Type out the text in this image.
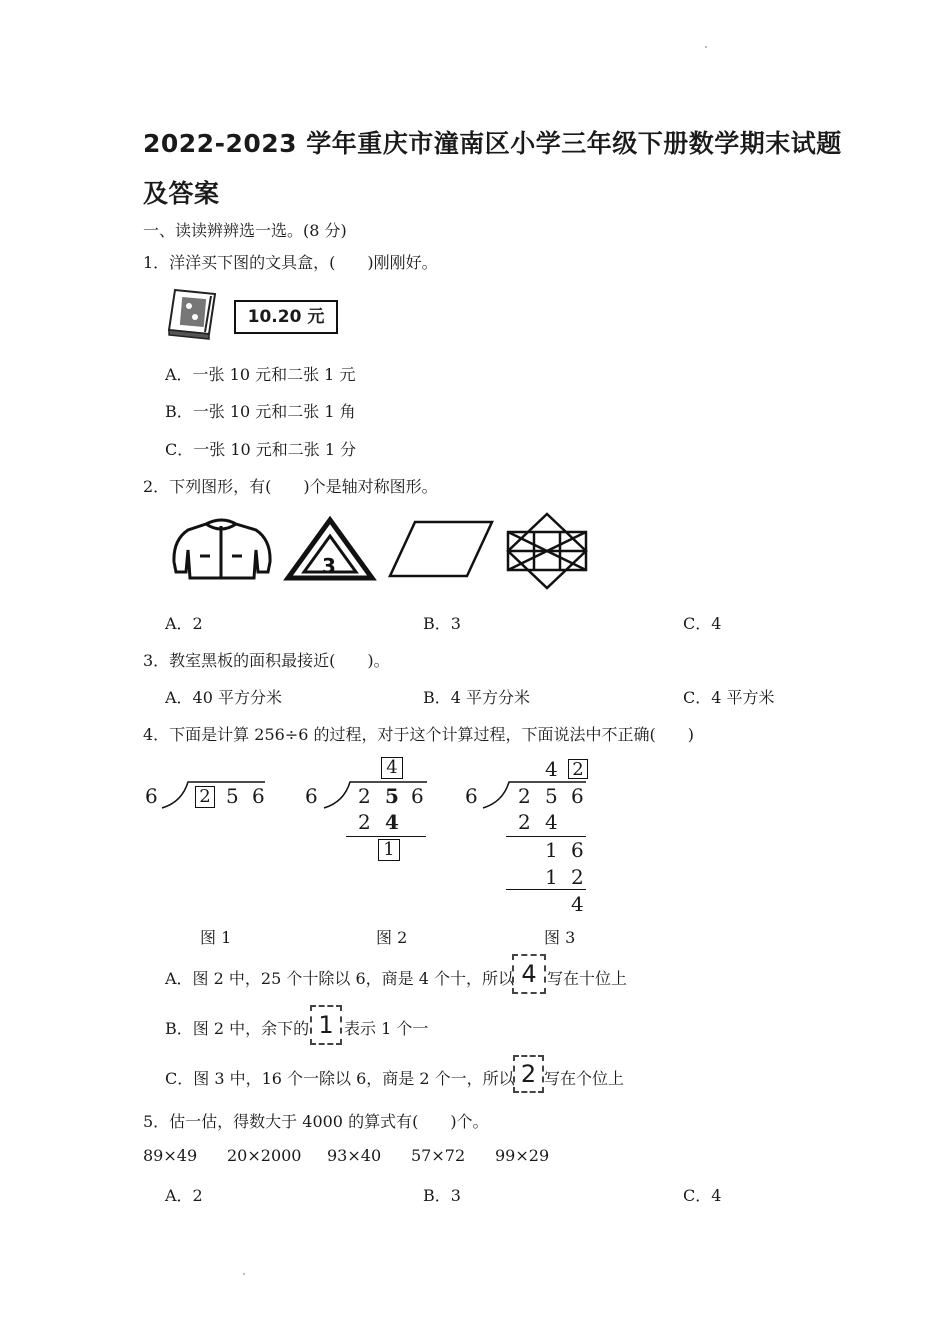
2022-2023 学年重庆市潼南区小学三年级下册数学期末试题
及答案
一、读读辨辨选一选。(8 分)
1．洋洋买下图的文具盒，(　　)刚刚好。
10.20 元
A．一张 10 元和二张 1 元
B．一张 10 元和二张 1 角
C．一张 10 元和二张 1 分
2．下列图形，有(　　)个是轴对称图形。
3
A．2	B．3	C．4
3．教室黑板的面积最接近(　　)。
A．40 平方分米	B．4 平方分米	C．4 平方米
4．下面是计算 256÷6 的过程，对于这个计算过程，下面说法中不正确(　　)
6 2 5 6
图 1
4
6 2 5 6
2 4
1
图 2
4 2
6 2 5 6
2 4
1 6
1 2
4
图 3
A．图 2 中，25 个十除以 6，商是 4 个十，所以 4 写在十位上
B．图 2 中，余下的 1 表示 1 个一
C．图 3 中，16 个一除以 6，商是 2 个一，所以 2 写在个位上
5．估一估，得数大于 4000 的算式有(　　)个。
89×49 20×2000 93×40 57×72 99×29
A．2	B．3	C．4
